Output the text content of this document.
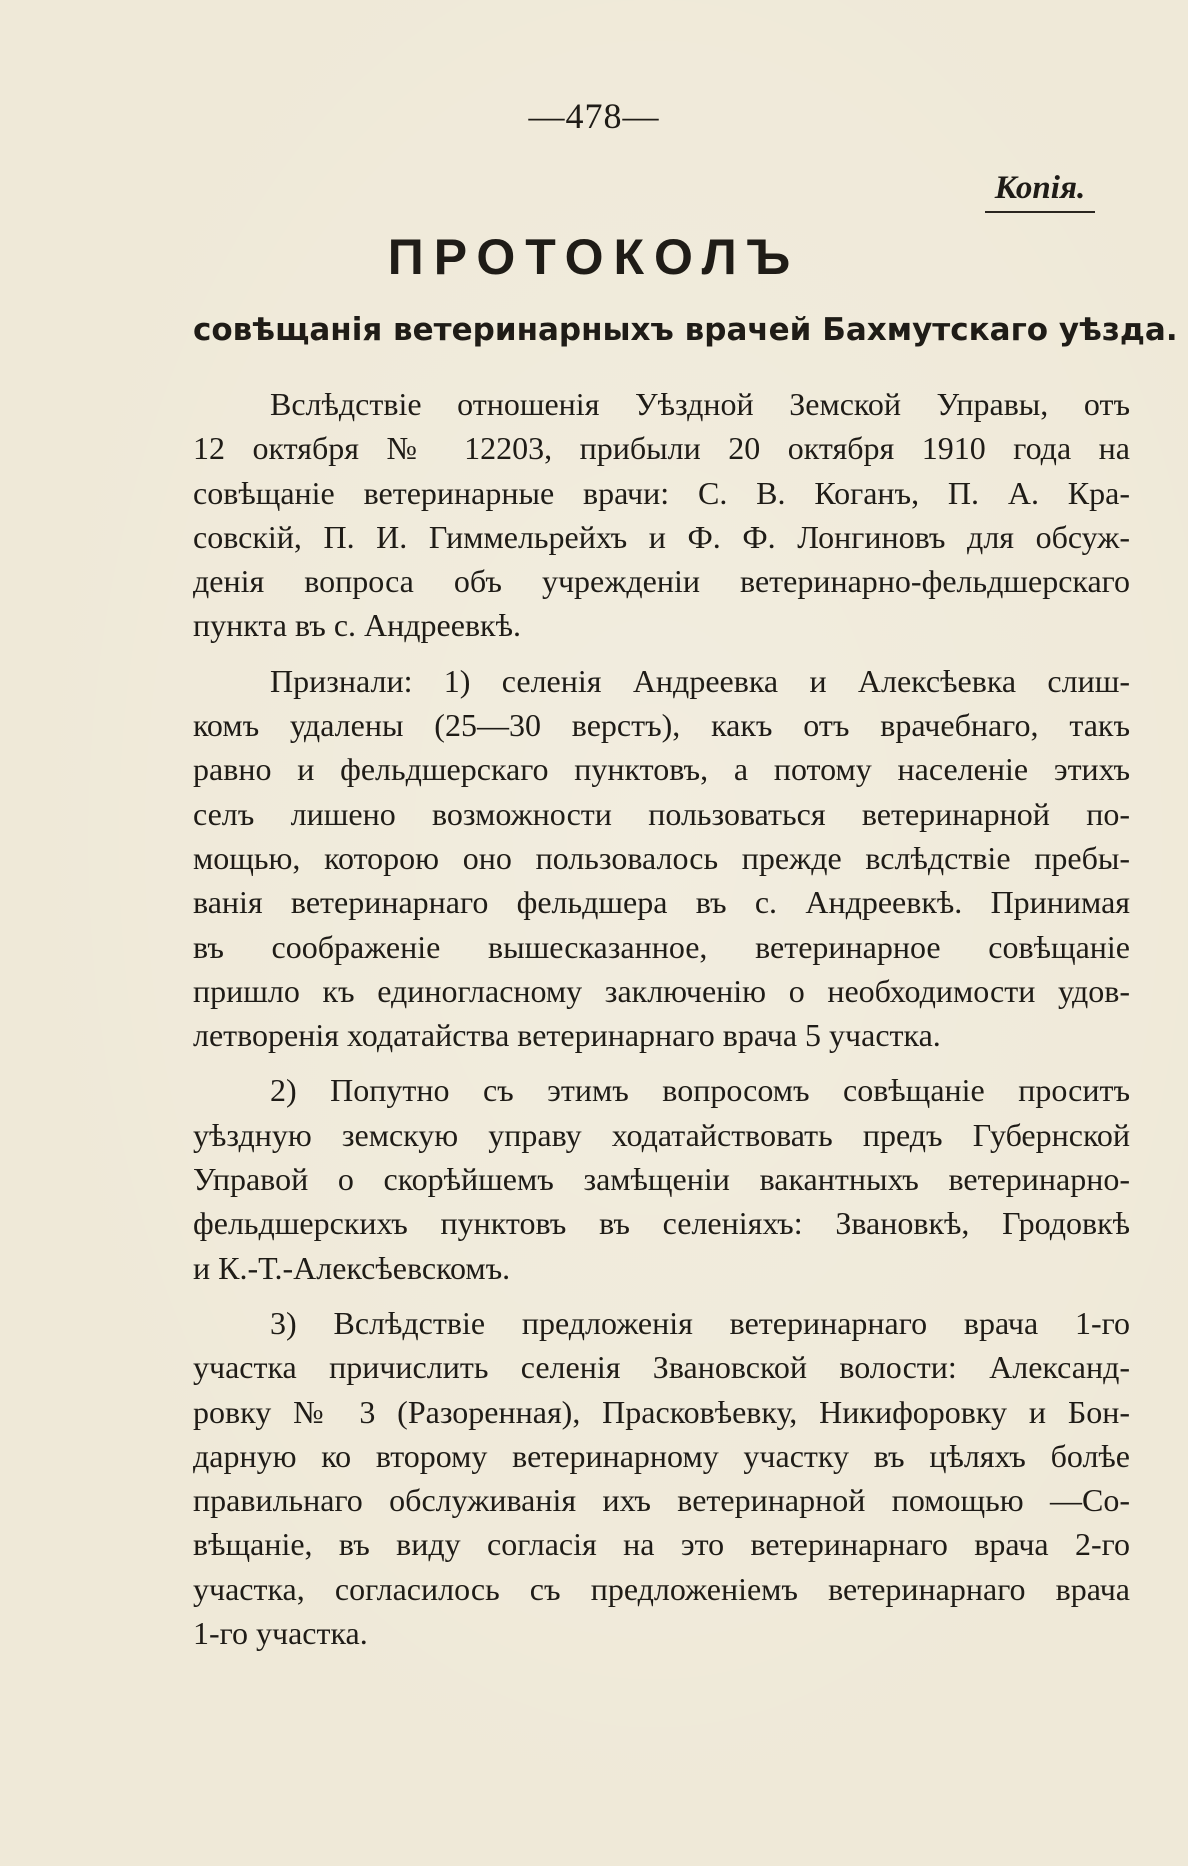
—478—
Копія.
ПРОТОКОЛЪ
совѣщанія ветеринарныхъ врачей Бахмутскаго уѣзда.
Вслѣдствіе отношенія Уѣздной Земской Управы, отъ
12 октября № 12203, прибыли 20 октября 1910 года на
совѣщаніе ветеринарные врачи: С. В. Коганъ, П. А. Кра-
совскій, П. И. Гиммельрейхъ и Ф. Ф. Лонгиновъ для обсуж-
денія вопроса объ учрежденіи ветеринарно-фельдшерскаго
пункта въ с. Андреевкѣ.
Признали: 1) селенія Андреевка и Алексѣевка слиш-
комъ удалены (25—30 верстъ), какъ отъ врачебнаго, такъ
равно и фельдшерскаго пунктовъ, а потому населеніе этихъ
селъ лишено возможности пользоваться ветеринарной по-
мощью, которою оно пользовалось прежде вслѣдствіе пребы-
ванія ветеринарнаго фельдшера въ с. Андреевкѣ. Принимая
въ соображеніе вышесказанное, ветеринарное совѣщаніе
пришло къ единогласному заключенію о необходимости удов-
летворенія ходатайства ветеринарнаго врача 5 участка.
2) Попутно съ этимъ вопросомъ совѣщаніе проситъ
уѣздную земскую управу ходатайствовать предъ Губернской
Управой о скорѣйшемъ замѣщеніи вакантныхъ ветеринарно-
фельдшерскихъ пунктовъ въ селеніяхъ: Звановкѣ, Гродовкѣ
и К.-Т.-Алексѣевскомъ.
3) Вслѣдствіе предложенія ветеринарнаго врача 1-го
участка причислить селенія Звановской волости: Александ-
ровку № 3 (Разоренная), Прасковѣевку, Никифоровку и Бон-
дарную ко второму ветеринарному участку въ цѣляхъ болѣе
правильнаго обслуживанія ихъ ветеринарной помощью —Со-
вѣщаніе, въ виду согласія на это ветеринарнаго врача 2-го
участка, согласилось съ предложеніемъ ветеринарнаго врача
1-го участка.
